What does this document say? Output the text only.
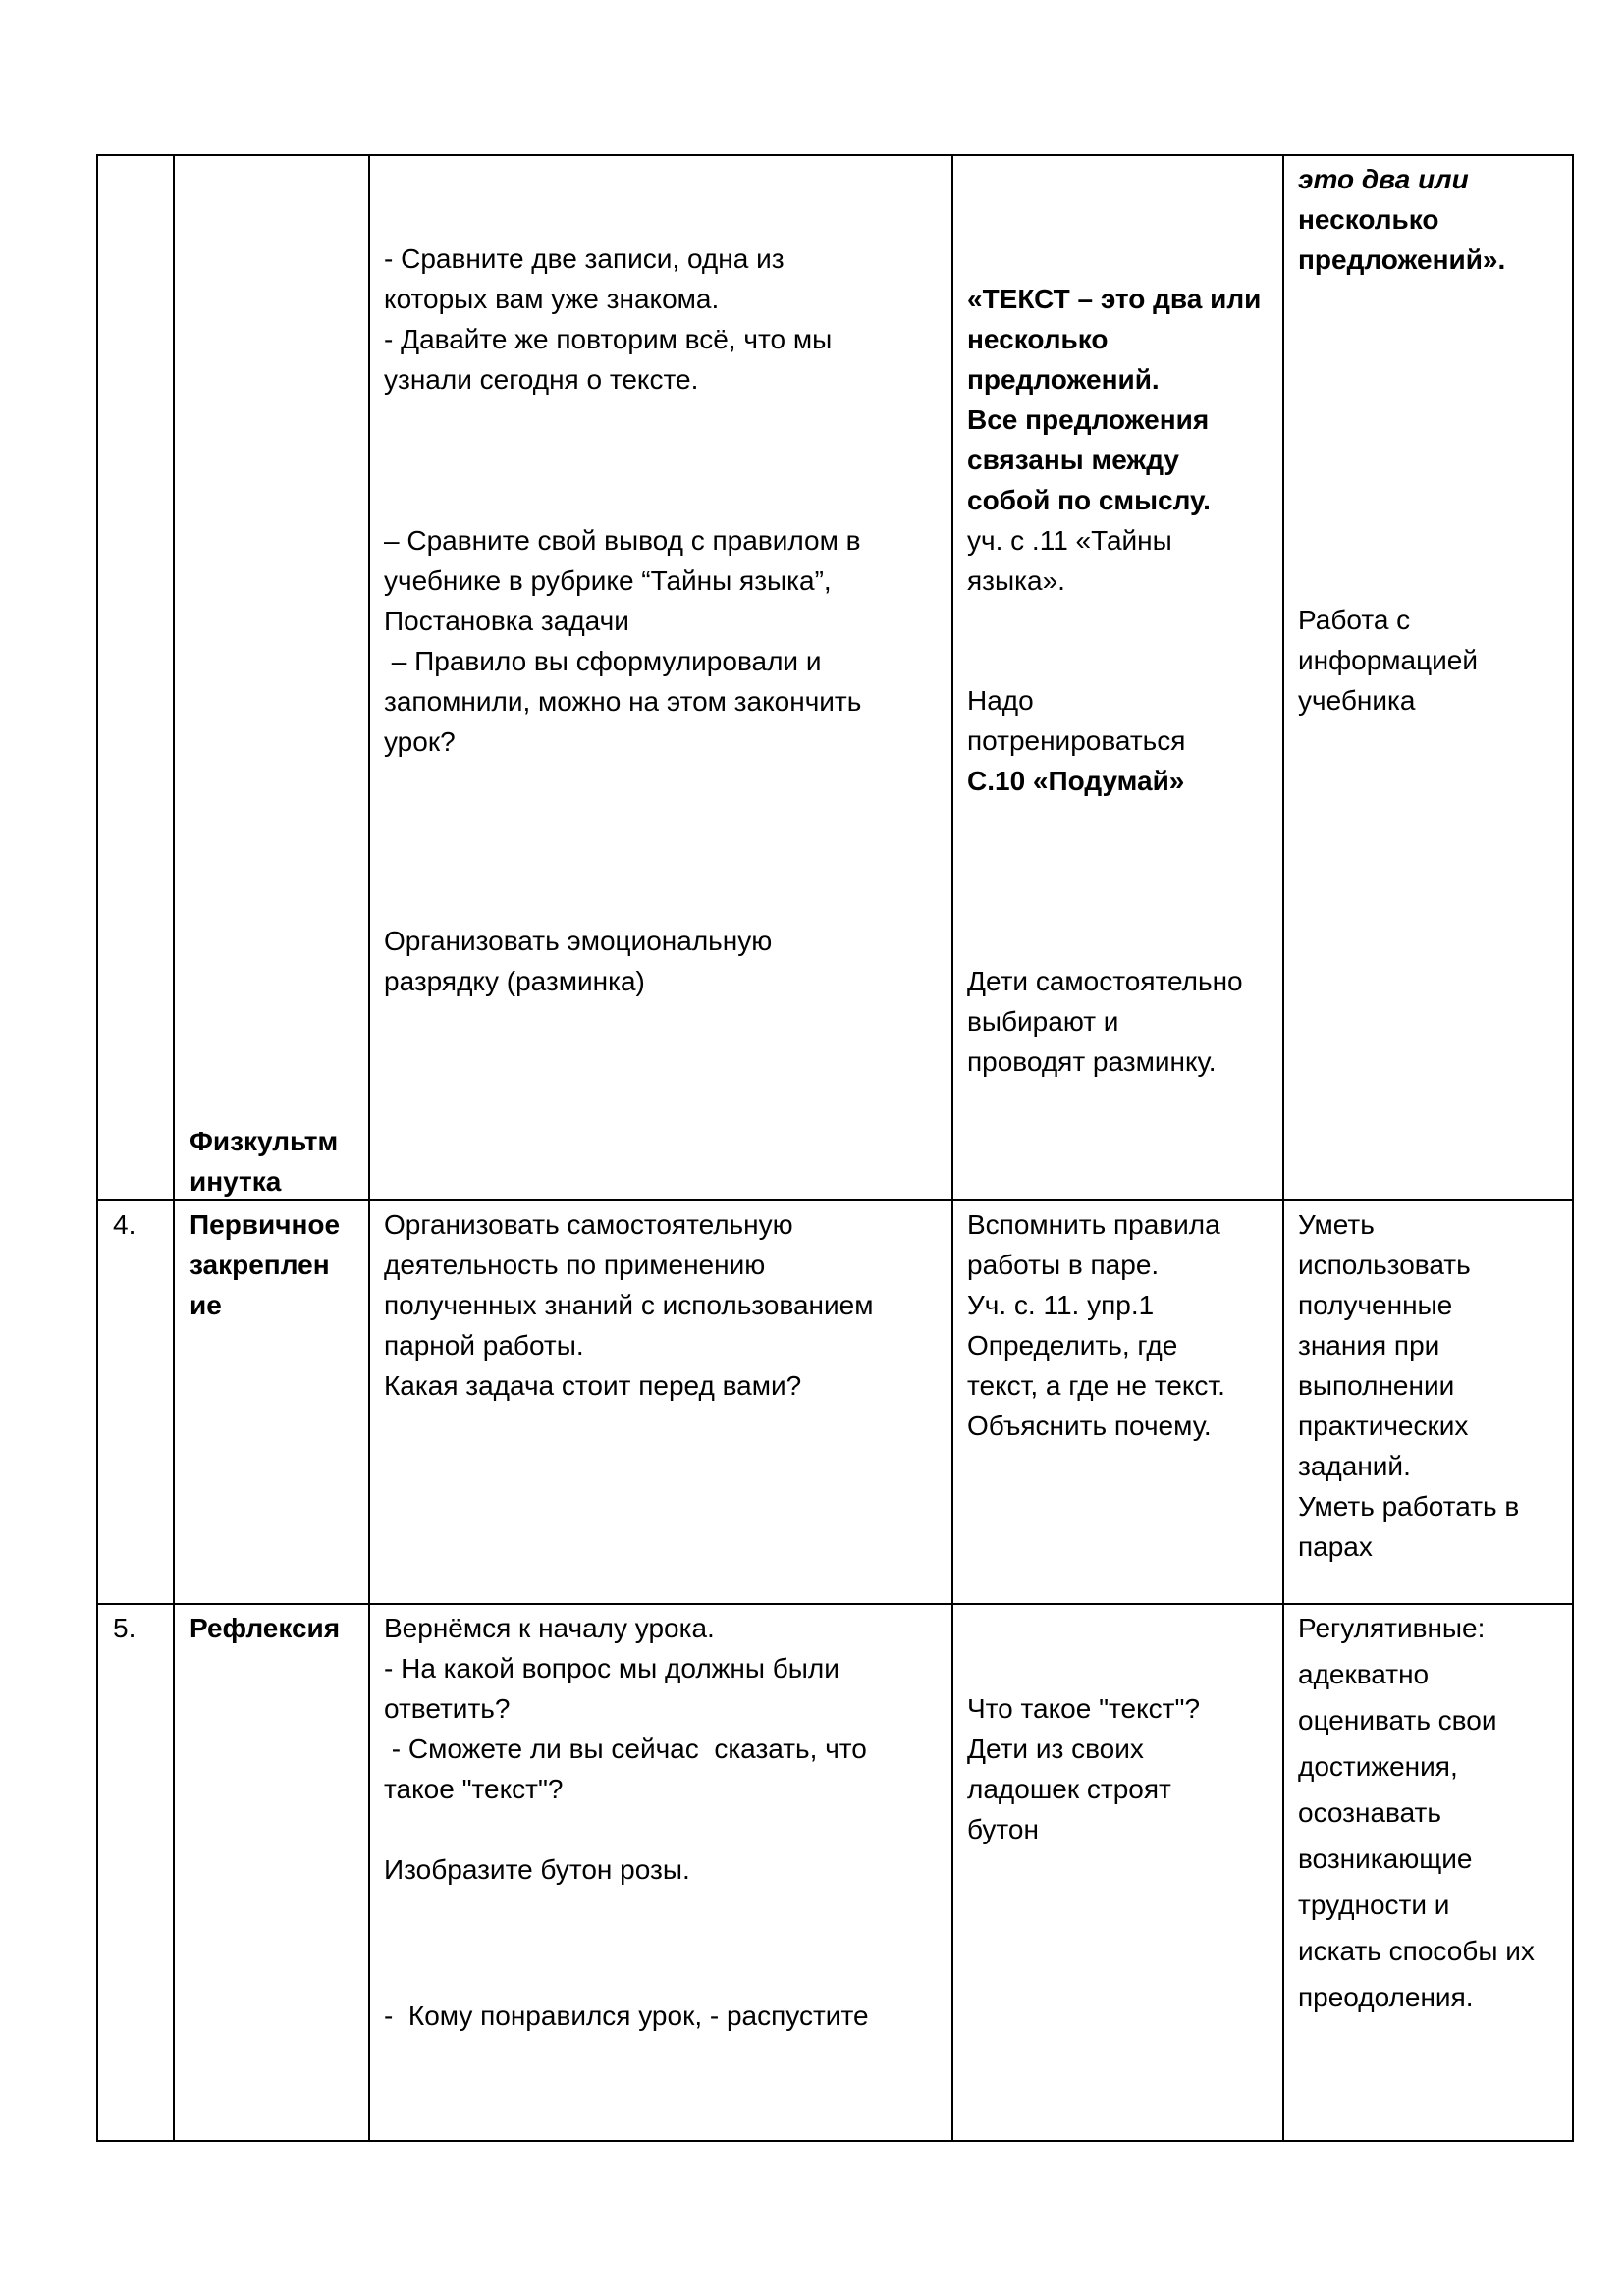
Физкультм
инутка
- Сравните две записи, одна из
которых вам уже знакома.
- Давайте же повторим всё, что мы
узнали сегодня о тексте.
– Сравните свой вывод с правилом в
учебнике в рубрике “Тайны языка”,
Постановка задачи
– Правило вы сформулировали и
запомнили, можно на этом закончить
урок?
Организовать эмоциональную
разрядку (разминка)
«ТЕКСТ – это два или
несколько
предложений.
Все предложения
связаны между
собой по смыслу.
уч. с .11 «Тайны
языка».
Надо
потренироваться
С.10 «Подумай»
Дети самостоятельно
выбирают и
проводят разминку.
это два или
несколько
предложений».
Работа с
информацией
учебника
4. Первичное
закреплен
ие
Организовать самостоятельную
деятельность по применению
полученных знаний с использованием
парной работы.
Какая задача стоит перед вами?
Вспомнить правила
работы в паре.
Уч. с. 11. упр.1
Определить, где
текст, а где не текст.
Объяснить почему.
Уметь
использовать
полученные
знания при
выполнении
практических
заданий.
Уметь работать в
парах
5. Рефлексия Вернёмся к началу урока.
- На какой вопрос мы должны были
ответить?
- Сможете ли вы сейчас  сказать, что
такое "текст"?
Изобразите бутон розы.
-  Кому понравился урок, - распустите
Что такое "текст"?
Дети из своих
ладошек строят
бутон
Регулятивные:
адекватно
оценивать свои
достижения,
осознавать
возникающие
трудности и
искать способы их
преодоления.
